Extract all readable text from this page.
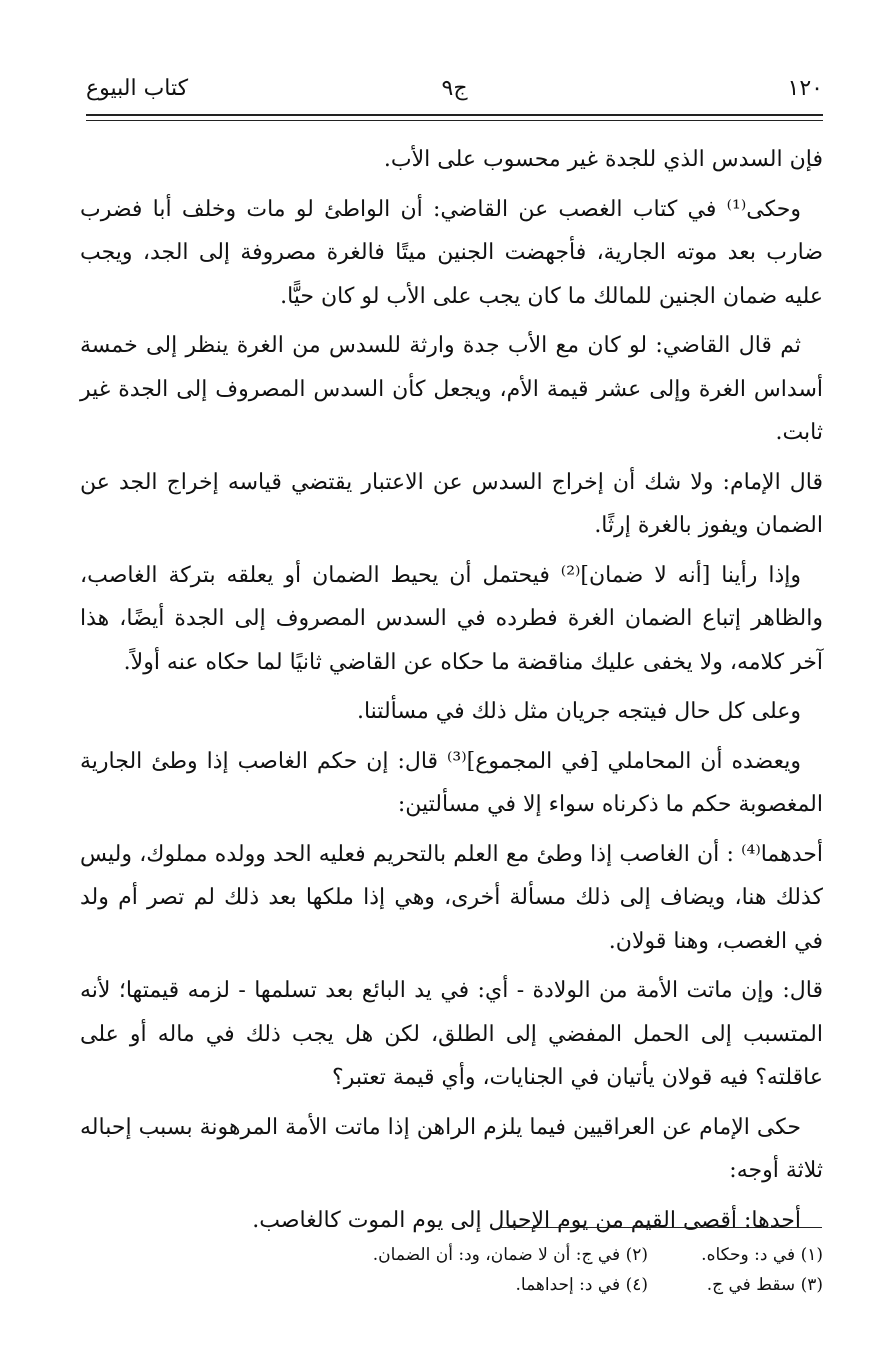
١٢٠
ج٩
كتاب البيوع

فإن السدس الذي للجدة غير محسوب على الأب.

وحكى⁽¹⁾ في كتاب الغصب عن القاضي: أن الواطئ لو مات وخلف أبا فضرب ضارب بعد موته الجارية، فأجهضت الجنين ميتًا فالغرة مصروفة إلى الجد، ويجب عليه ضمان الجنين للمالك ما كان يجب على الأب لو كان حيًّا.

ثم قال القاضي: لو كان مع الأب جدة وارثة للسدس من الغرة ينظر إلى خمسة أسداس الغرة وإلى عشر قيمة الأم، ويجعل كأن السدس المصروف إلى الجدة غير ثابت.

قال الإمام: ولا شك أن إخراج السدس عن الاعتبار يقتضي قياسه إخراج الجد عن الضمان ويفوز بالغرة إرثًا.

وإذا رأينا [أنه لا ضمان]⁽²⁾ فيحتمل أن يحيط الضمان أو يعلقه بتركة الغاصب، والظاهر إتباع الضمان الغرة فطرده في السدس المصروف إلى الجدة أيضًا، هذا آخر كلامه، ولا يخفى عليك مناقضة ما حكاه عن القاضي ثانيًا لما حكاه عنه أولاً.

وعلى كل حال فيتجه جريان مثل ذلك في مسألتنا.

ويعضده أن المحاملي [في المجموع]⁽³⁾ قال: إن حكم الغاصب إذا وطئ الجارية المغصوبة حكم ما ذكرناه سواء إلا في مسألتين:

أحدهما⁽⁴⁾ : أن الغاصب إذا وطئ مع العلم بالتحريم فعليه الحد وولده مملوك، وليس كذلك هنا، ويضاف إلى ذلك مسألة أخرى، وهي إذا ملكها بعد ذلك لم تصر أم ولد في الغصب، وهنا قولان.

قال: وإن ماتت الأمة من الولادة - أي: في يد البائع بعد تسلمها - لزمه قيمتها؛ لأنه المتسبب إلى الحمل المفضي إلى الطلق، لكن هل يجب ذلك في ماله أو على عاقلته؟ فيه قولان يأتيان في الجنايات، وأي قيمة تعتبر؟

حكى الإمام عن العراقيين فيما يلزم الراهن إذا ماتت الأمة المرهونة بسبب إحباله ثلاثة أوجه:

أحدها: أقصى القيم من يوم الإحبال إلى يوم الموت كالغاصب.

(١) في د: وحكاه.
(٢) في ج: أن لا ضمان، ود: أن الضمان.
(٣) سقط في ج.
(٤) في د: إحداهما.
